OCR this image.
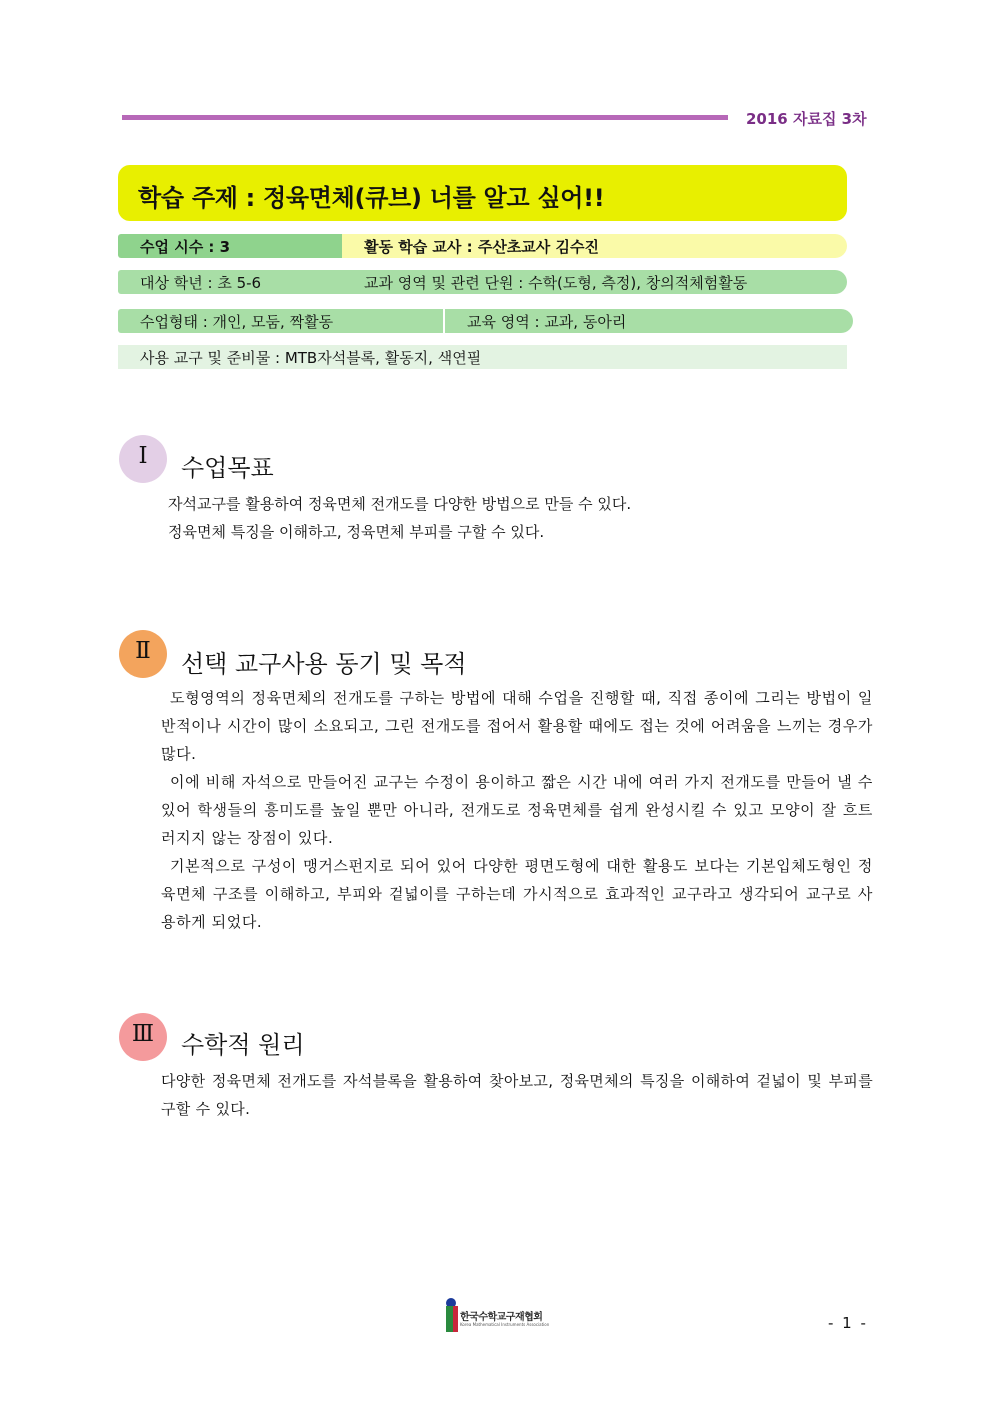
2016 자료집 3차
학습 주제 : 정육면체(큐브) 너를 알고 싶어!!
수업 시수 : 3	활동 학습 교사 : 주산초교사 김수진
대상 학년 : 초 5-6	교과 영역 및 관련 단원 : 수학(도형, 측정), 창의적체험활동
수업형태 : 개인, 모둠, 짝활동	교육 영역 : 교과, 동아리
사용 교구 및 준비물 : MTB자석블록, 활동지, 색연필
Ⅰ 수업목표
자석교구를 활용하여 정육면체 전개도를 다양한 방법으로 만들 수 있다.
정육면체 특징을 이해하고, 정육면체 부피를 구할 수 있다.
Ⅱ 선택 교구사용 동기 및 목적

도형영역의 정육면체의 전개도를 구하는 방법에 대해 수업을 진행할 때, 직접 종이에 그리는 방법이 일반적이나 시간이 많이 소요되고, 그린 전개도를 접어서 활용할 때에도 접는 것에 어려움을 느끼는 경우가 많다.

이에 비해 자석으로 만들어진 교구는 수정이 용이하고 짧은 시간 내에 여러 가지 전개도를 만들어 낼 수 있어 학생들의 흥미도를 높일 뿐만 아니라, 전개도로 정육면체를 쉽게 완성시킬 수 있고 모양이 잘 흐트러지지 않는 장점이 있다.

기본적으로 구성이 맹거스펀지로 되어 있어 다양한 평면도형에 대한 활용도 보다는 기본입체도형인 정육면체 구조를 이해하고, 부피와 겉넓이를 구하는데 가시적으로 효과적인 교구라고 생각되어 교구로 사용하게 되었다.

Ⅲ 수학적 원리
다양한 정육면체 전개도를 자석블록을 활용하여 찾아보고, 정육면체의 특징을 이해하여 겉넓이 및 부피를 구할 수 있다.
한국수학교구재협회
Korea Mathematical Instruments Association	- 1 -
